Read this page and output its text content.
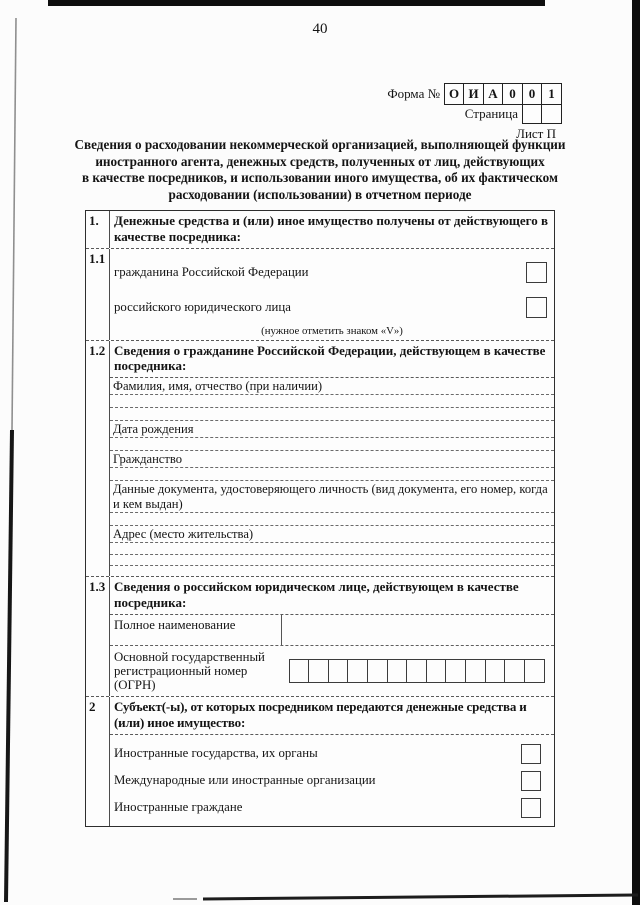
40
Форма № О И А 0	0	1
Страница
Лист П
Сведения о расходовании некоммерческой организацией, выполняющей функции
иностранного агента, денежных средств, полученных от лиц, действующих
в качестве посредников, и использовании иного имущества, об их фактическом
расходовании (использовании) в отчетном периоде
1.	Денежные средства и (или) иное имущество получены от действующего в качестве посредника:
1.1
гражданина Российской Федерации
российского юридического лица
(нужное отметить знаком «V»)
1.2 Сведения о гражданине Российской Федерации, действующем в качестве посредника:
Фамилия, имя, отчество (при наличии)
Дата рождения
Гражданство
Данные документа, удостоверяющего личность (вид документа, его номер, когда и кем выдан)
Адрес (место жительства)
1.3 Сведения о российском юридическом лице, действующем в качестве посредника:
Полное наименование
Основной государственный регистрационный номер (ОГРН)
2	Субъект(-ы), от которых посредником передаются денежные средства и (или) иное имущество:
Иностранные государства, их органы
Международные или иностранные организации
Иностранные граждане
